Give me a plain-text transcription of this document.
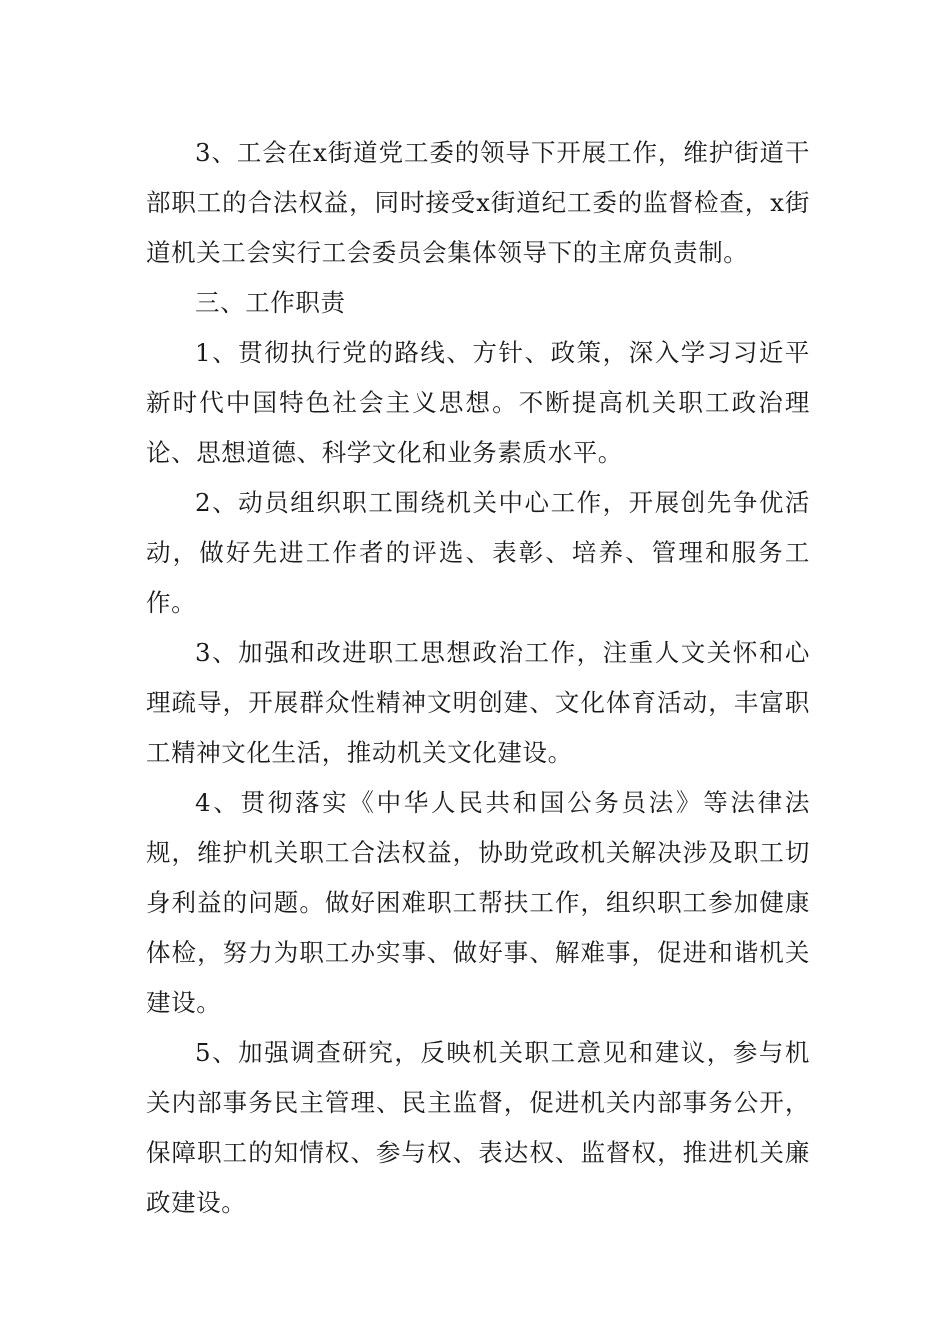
3、工会在x街道党工委的领导下开展工作，维护街道干部职工的合法权益，同时接受x街道纪工委的监督检查，x街道机关工会实行工会委员会集体领导下的主席负责制。

三、工作职责

1、贯彻执行党的路线、方针、政策，深入学习习近平新时代中国特色社会主义思想。不断提高机关职工政治理论、思想道德、科学文化和业务素质水平。

2、动员组织职工围绕机关中心工作，开展创先争优活动，做好先进工作者的评选、表彰、培养、管理和服务工作。

3、加强和改进职工思想政治工作，注重人文关怀和心理疏导，开展群众性精神文明创建、文化体育活动，丰富职工精神文化生活，推动机关文化建设。

4、贯彻落实《中华人民共和国公务员法》等法律法规，维护机关职工合法权益，协助党政机关解决涉及职工切身利益的问题。做好困难职工帮扶工作，组织职工参加健康体检，努力为职工办实事、做好事、解难事，促进和谐机关建设。

5、加强调查研究，反映机关职工意见和建议，参与机关内部事务民主管理、民主监督，促进机关内部事务公开，保障职工的知情权、参与权、表达权、监督权，推进机关廉政建设。
